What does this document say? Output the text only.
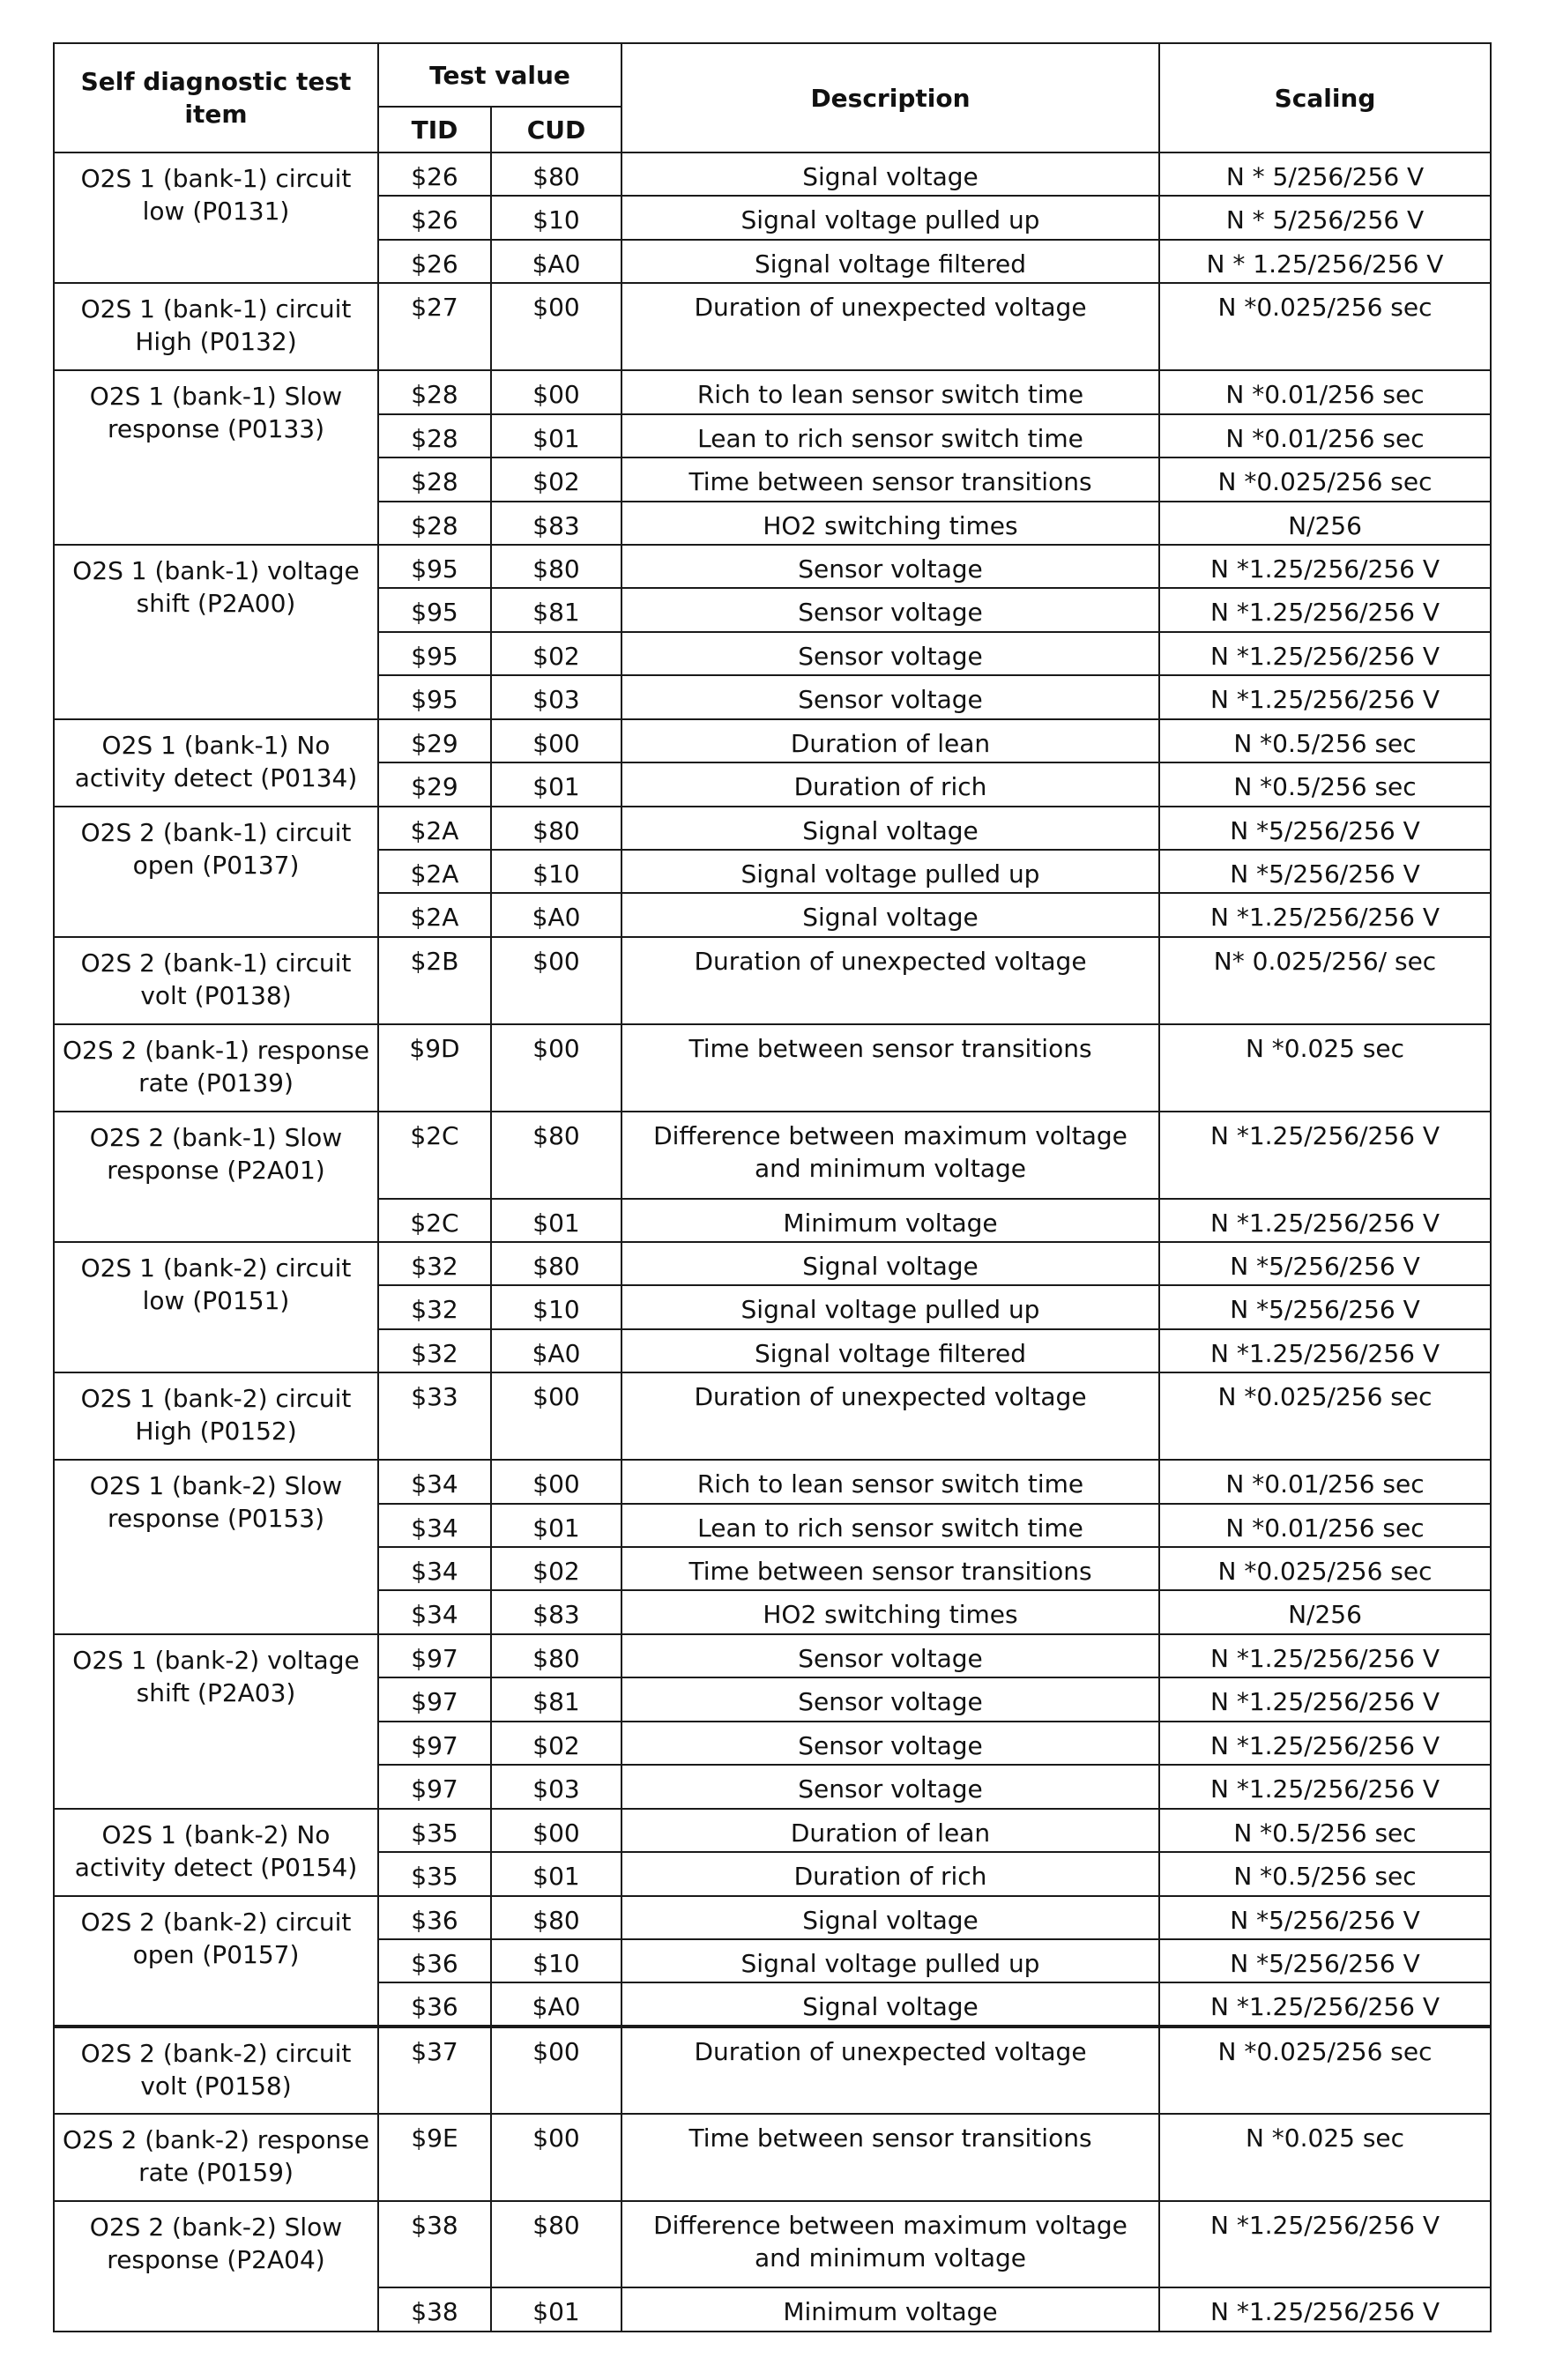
Self diagnostic test item	Test value		Description	Scaling
	TID	CUD		
O2S 1 (bank-1) circuit low (P0131)	$26	$80	Signal voltage	N * 5/256/256 V
	$26	$10	Signal voltage pulled up	N * 5/256/256 V
	$26	$A0	Signal voltage filtered	N * 1.25/256/256 V
O2S 1 (bank-1) circuit High (P0132)	$27	$00	Duration of unexpected voltage	N *0.025/256 sec
O2S 1 (bank-1) Slow response (P0133)	$28	$00	Rich to lean sensor switch time	N *0.01/256 sec
	$28	$01	Lean to rich sensor switch time	N *0.01/256 sec
	$28	$02	Time between sensor transitions	N *0.025/256 sec
	$28	$83	HO2 switching times	N/256
O2S 1 (bank-1) voltage shift (P2A00)	$95	$80	Sensor voltage	N *1.25/256/256 V
	$95	$81	Sensor voltage	N *1.25/256/256 V
	$95	$02	Sensor voltage	N *1.25/256/256 V
	$95	$03	Sensor voltage	N *1.25/256/256 V
O2S 1 (bank-1) No activity detect (P0134)	$29	$00	Duration of lean	N *0.5/256 sec
	$29	$01	Duration of rich	N *0.5/256 sec
O2S 2 (bank-1) circuit open (P0137)	$2A	$80	Signal voltage	N *5/256/256 V
	$2A	$10	Signal voltage pulled up	N *5/256/256 V
	$2A	$A0	Signal voltage	N *1.25/256/256 V
O2S 2 (bank-1) circuit volt (P0138)	$2B	$00	Duration of unexpected voltage	N* 0.025/256/ sec
O2S 2 (bank-1) response rate (P0139)	$9D	$00	Time between sensor transitions	N *0.025 sec
O2S 2 (bank-1) Slow response (P2A01)	$2C	$80	Difference between maximum voltage and minimum voltage	N *1.25/256/256 V
	$2C	$01	Minimum voltage	N *1.25/256/256 V
O2S 1 (bank-2) circuit low (P0151)	$32	$80	Signal voltage	N *5/256/256 V
	$32	$10	Signal voltage pulled up	N *5/256/256 V
	$32	$A0	Signal voltage filtered	N *1.25/256/256 V
O2S 1 (bank-2) circuit High (P0152)	$33	$00	Duration of unexpected voltage	N *0.025/256 sec
O2S 1 (bank-2) Slow response (P0153)	$34	$00	Rich to lean sensor switch time	N *0.01/256 sec
	$34	$01	Lean to rich sensor switch time	N *0.01/256 sec
	$34	$02	Time between sensor transitions	N *0.025/256 sec
	$34	$83	HO2 switching times	N/256
O2S 1 (bank-2) voltage shift (P2A03)	$97	$80	Sensor voltage	N *1.25/256/256 V
	$97	$81	Sensor voltage	N *1.25/256/256 V
	$97	$02	Sensor voltage	N *1.25/256/256 V
	$97	$03	Sensor voltage	N *1.25/256/256 V
O2S 1 (bank-2) No activity detect (P0154)	$35	$00	Duration of lean	N *0.5/256 sec
	$35	$01	Duration of rich	N *0.5/256 sec
O2S 2 (bank-2) circuit open (P0157)	$36	$80	Signal voltage	N *5/256/256 V
	$36	$10	Signal voltage pulled up	N *5/256/256 V
	$36	$A0	Signal voltage	N *1.25/256/256 V
O2S 2 (bank-2) circuit volt (P0158)	$37	$00	Duration of unexpected voltage	N *0.025/256 sec
O2S 2 (bank-2) response rate (P0159)	$9E	$00	Time between sensor transitions	N *0.025 sec
O2S 2 (bank-2) Slow response (P2A04)	$38	$80	Difference between maximum voltage and minimum voltage	N *1.25/256/256 V
	$38	$01	Minimum voltage	N *1.25/256/256 V
